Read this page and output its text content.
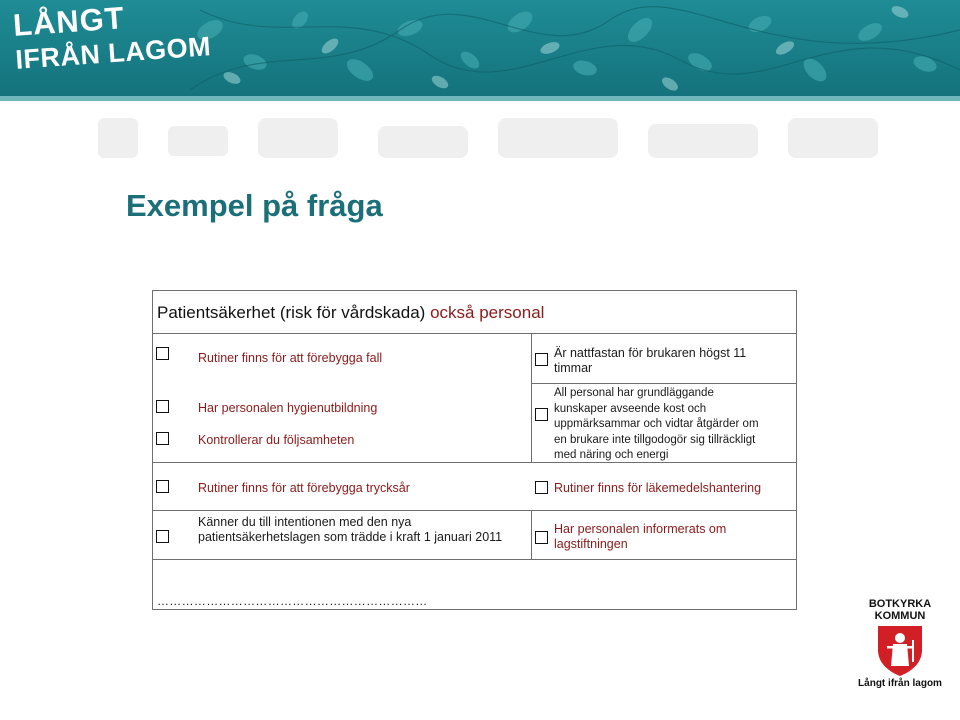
LÅNGT
IFRÅN LAGOM
Exempel på fråga
Patientsäkerhet (risk för vårdskada) också personal
Rutiner finns för att förebygga fall
Har personalen hygienutbildning
Kontrollerar du följsamheten
Rutiner finns för att förebygga trycksår
Känner du till intentionen med den nya
patientsäkerhetslagen som trädde i kraft 1 januari 2011
Är nattfastan för brukaren högst 11
timmar
All personal har grundläggande
kunskaper avseende kost och
uppmärksammar och vidtar åtgärder om
en brukare inte tillgodogör sig tillräckligt
med näring och energi
Rutiner finns för läkemedelshantering
Har personalen informerats om
lagstiftningen
…………………………………………………………	BOTKYRKA
KOMMUN
Långt ifrån lagom
